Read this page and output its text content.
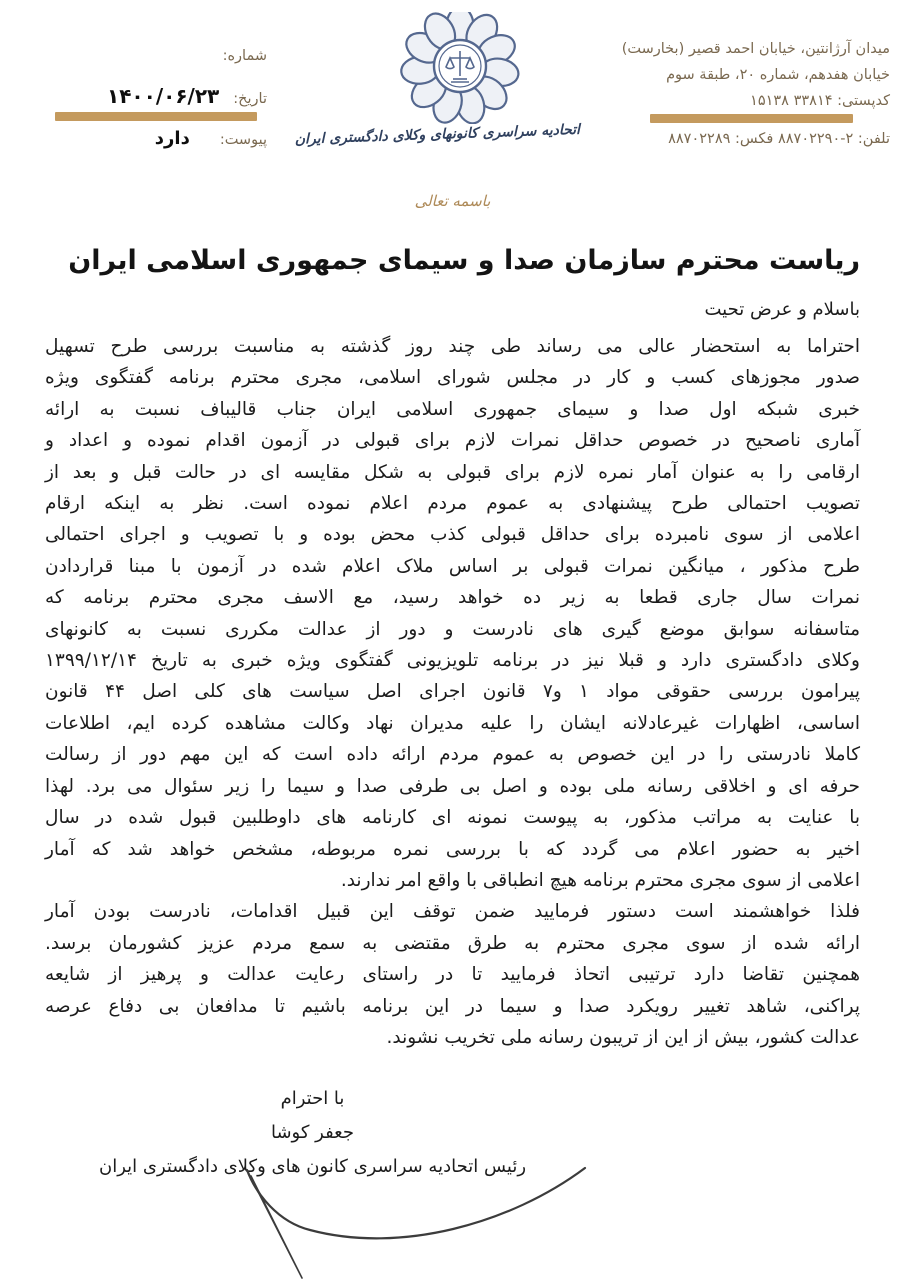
میدان آرژانتین، خیابان احمد قصیر (بخارست)
خیابان هفدهم، شماره ۲۰، طبقة سوم
کدپستی: ۳۳۸۱۴ ۱۵۱۳۸
تلفن: ۲-۸۸۷۰۲۲۹۰ فکس: ۸۸۷۰۲۲۸۹
شماره:
تاریخ:
۱۴۰۰/۰۶/۲۳
پیوست:
دارد	اتحادیه سراسری کانونهای وکلای دادگستری ایران
باسمه تعالی
ریاست محترم سازمان صدا و سیمای جمهوری اسلامی ایران
باسلام و عرض تحیت
احتراما به استحضار عالی می رساند طی چند روز گذشته به مناسبت بررسی طرح تسهیل
صدور مجوزهای کسب و کار در مجلس شورای اسلامی، مجری محترم برنامه گفتگوی ویژه
خبری شبکه اول صدا و سیمای جمهوری اسلامی ایران جناب قالیباف نسبت به ارائه
آماری ناصحیح در خصوص حداقل نمرات لازم برای قبولی در آزمون اقدام نموده و اعداد و
ارقامی را به عنوان آمار نمره لازم برای قبولی به شکل مقایسه ای در حالت قبل و بعد از
تصویب احتمالی طرح پیشنهادی به عموم مردم اعلام نموده است. نظر به اینکه ارقام
اعلامی از سوی نامبرده برای حداقل قبولی کذب محض بوده و با تصویب و اجرای احتمالی
طرح مذکور ، میانگین نمرات قبولی بر اساس ملاک اعلام شده در آزمون با مبنا قراردادن
نمرات سال جاری قطعا به زیر ده خواهد رسید، مع الاسف مجری محترم برنامه که
متاسفانه سوابق موضع گیری های نادرست و دور از عدالت مکرری نسبت به کانونهای
وکلای دادگستری دارد و قبلا نیز در برنامه تلویزیونی گفتگوی ویژه خبری به تاریخ ۱۳۹۹/۱۲/۱۴
پیرامون بررسی حقوقی مواد ۱ و۷ قانون اجرای اصل سیاست های کلی اصل ۴۴ قانون
اساسی، اظهارات غیرعادلانه ایشان را علیه مدیران نهاد وکالت مشاهده کرده ایم، اطلاعات
کاملا نادرستی را در این خصوص به عموم مردم ارائه داده است که این مهم دور از رسالت
حرفه ای و اخلاقی رسانه ملی بوده و اصل بی طرفی صدا و سیما را زیر سئوال می برد. لهذا
با عنایت به مراتب مذکور، به پیوست نمونه ای کارنامه های داوطلبین قبول شده در سال
اخیر به حضور اعلام می گردد که با بررسی نمره مربوطه، مشخص خواهد شد که آمار
اعلامی از سوی مجری محترم برنامه هیچ انطباقی با واقع امر ندارند.
فلذا خواهشمند است دستور فرمایید ضمن توقف این قبیل اقدامات، نادرست بودن آمار
ارائه شده از سوی مجری محترم به طرق مقتضی به سمع مردم عزیز کشورمان برسد.
همچنین تقاضا دارد ترتیبی اتحاذ فرمایید تا در راستای رعایت عدالت و پرهیز از شایعه
پراکنی، شاهد تغییر رویکرد صدا و سیما در این برنامه باشیم تا مدافعان بی دفاع عرصه
عدالت کشور، بیش از این از تریبون رسانه ملی تخریب نشوند.
با احترام
جعفر کوشا
رئیس اتحادیه سراسری کانون های وکلای دادگستری ایران
